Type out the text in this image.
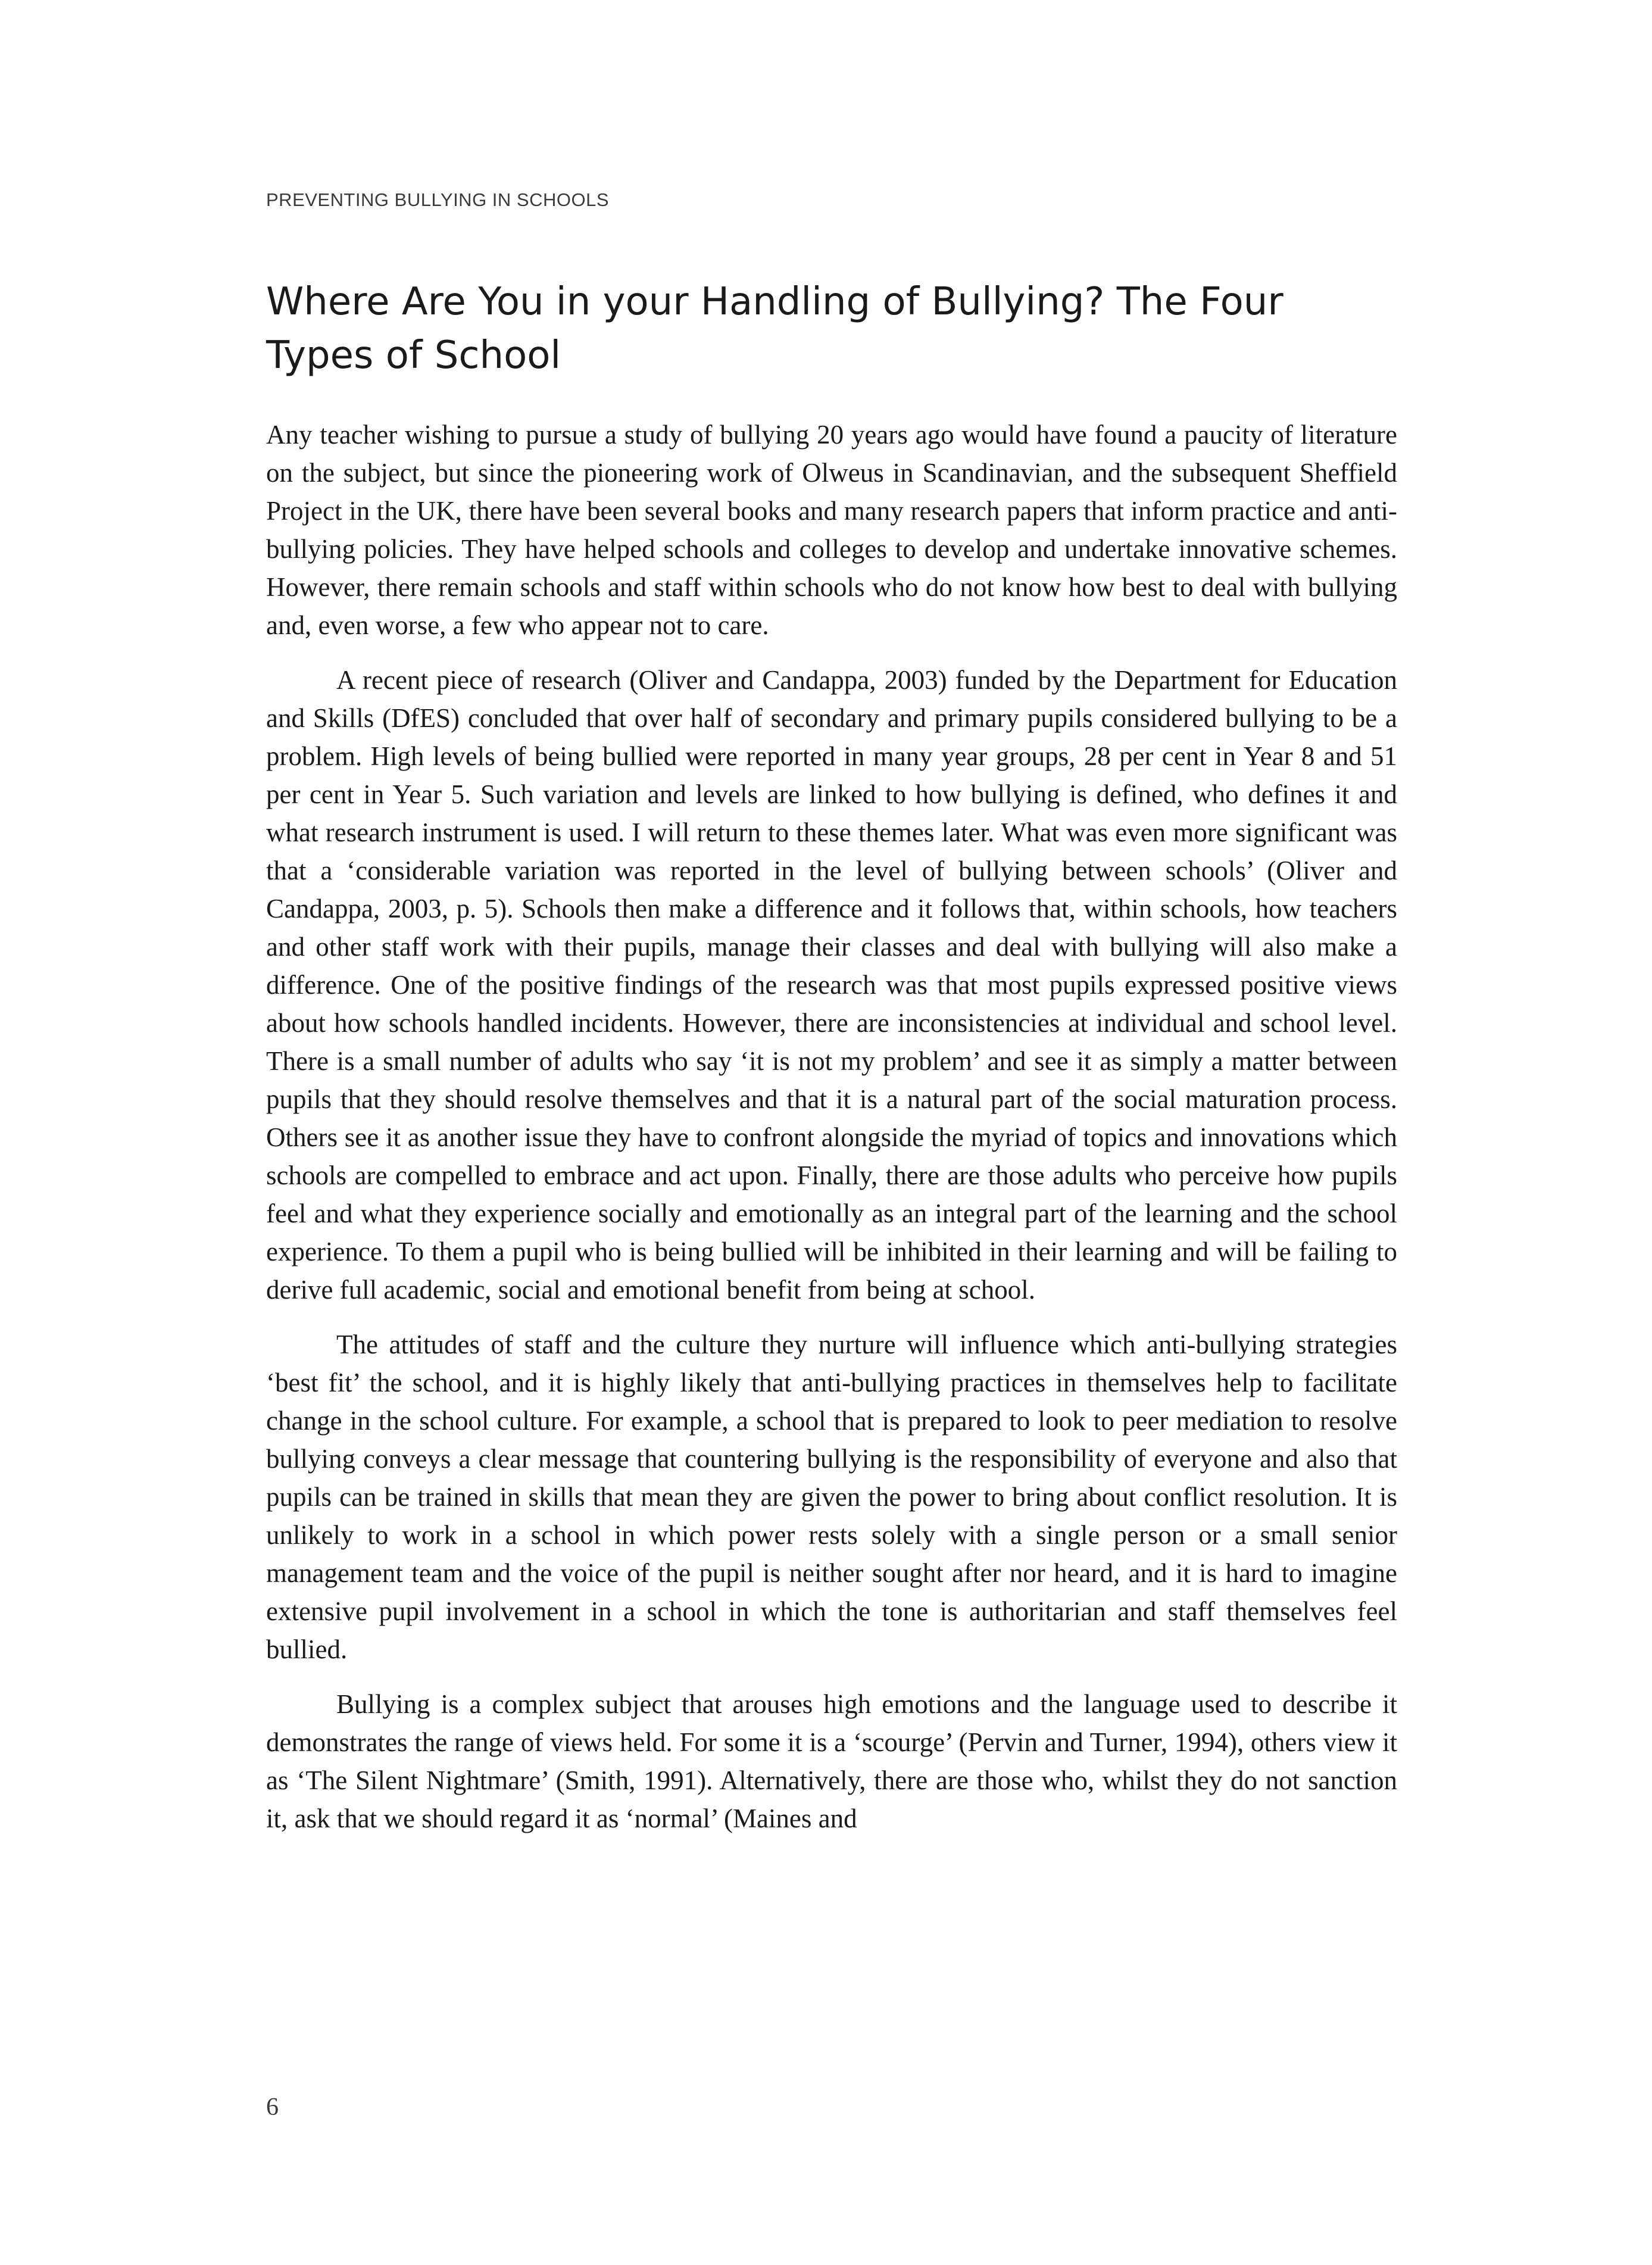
PREVENTING BULLYING IN SCHOOLS
Where Are You in your Handling of Bullying? The Four Types of School

Any teacher wishing to pursue a study of bullying 20 years ago would have found a paucity of literature on the subject, but since the pioneering work of Olweus in Scandinavian, and the subsequent Sheffield Project in the UK, there have been several books and many research papers that inform practice and anti-bullying policies. They have helped schools and colleges to develop and undertake innovative schemes. However, there remain schools and staff within schools who do not know how best to deal with bullying and, even worse, a few who appear not to care.

A recent piece of research (Oliver and Candappa, 2003) funded by the Department for Education and Skills (DfES) concluded that over half of secondary and primary pupils considered bullying to be a problem. High levels of being bullied were reported in many year groups, 28 per cent in Year 8 and 51 per cent in Year 5. Such variation and levels are linked to how bullying is defined, who defines it and what research instrument is used. I will return to these themes later. What was even more significant was that a ‘considerable variation was reported in the level of bullying between schools’ (Oliver and Candappa, 2003, p. 5). Schools then make a difference and it follows that, within schools, how teachers and other staff work with their pupils, manage their classes and deal with bullying will also make a difference. One of the positive findings of the research was that most pupils expressed positive views about how schools handled incidents. However, there are inconsistencies at individual and school level. There is a small number of adults who say ‘it is not my problem’ and see it as simply a matter between pupils that they should resolve themselves and that it is a natural part of the social maturation process. Others see it as another issue they have to confront alongside the myriad of topics and innovations which schools are compelled to embrace and act upon. Finally, there are those adults who perceive how pupils feel and what they experience socially and emotionally as an integral part of the learning and the school experience. To them a pupil who is being bullied will be inhibited in their learning and will be failing to derive full academic, social and emotional benefit from being at school.

The attitudes of staff and the culture they nurture will influence which anti-bullying strategies ‘best fit’ the school, and it is highly likely that anti-bullying practices in themselves help to facilitate change in the school culture. For example, a school that is prepared to look to peer mediation to resolve bullying conveys a clear message that countering bullying is the responsibility of everyone and also that pupils can be trained in skills that mean they are given the power to bring about conflict resolution. It is unlikely to work in a school in which power rests solely with a single person or a small senior management team and the voice of the pupil is neither sought after nor heard, and it is hard to imagine extensive pupil involvement in a school in which the tone is authoritarian and staff themselves feel bullied.

Bullying is a complex subject that arouses high emotions and the language used to describe it demonstrates the range of views held. For some it is a ‘scourge’ (Pervin and Turner, 1994), others view it as ‘The Silent Nightmare’ (Smith, 1991). Alternatively, there are those who, whilst they do not sanction it, ask that we should regard it as ‘normal’ (Maines and

6
